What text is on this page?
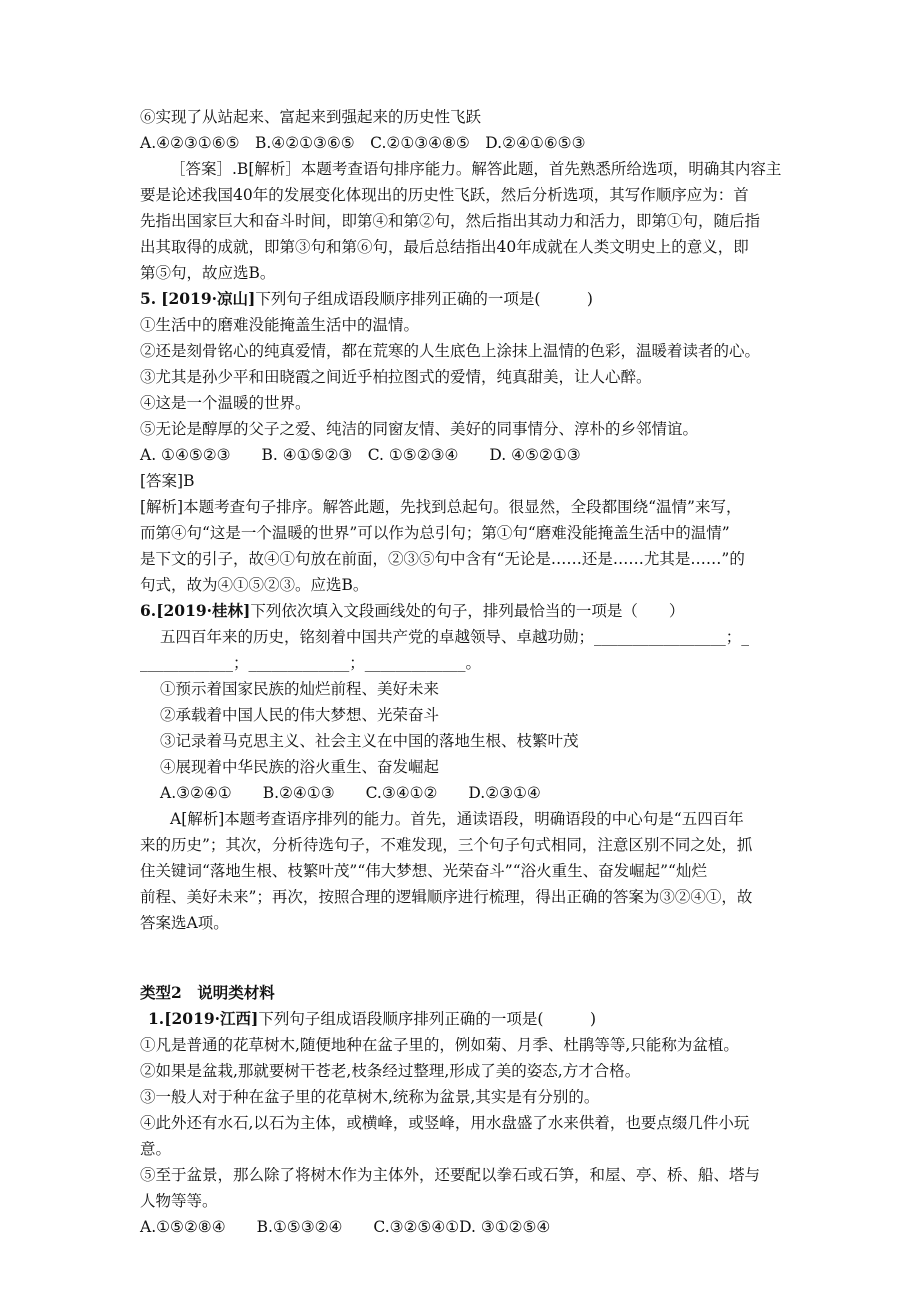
⑥实现了从站起来、富起来到强起来的历史性飞跃

A.④②③①⑥⑤　B.④②①③⑥⑤　C.②①③④⑧⑤　D.②④①⑥⑤③

［答案］.B[解析］本题考查语句排序能力。解答此题，首先熟悉所给选项，明确其内容主

要是论述我国40年的发展变化体现出的历史性飞跃，然后分析选项，其写作顺序应为：首

先指出国家巨大和奋斗时间，即第④和第②句，然后指出其动力和活力，即第①句，随后指

出其取得的成就，即第③句和第⑥句，最后总结指出40年成就在人类文明史上的意义，即

第⑤句，故应选B。

5. [2019·凉山]下列句子组成语段顺序排列正确的一项是(　　　)

①生活中的磨难没能掩盖生活中的温情。

②还是刻骨铭心的纯真爱情，都在荒寒的人生底色上涂抹上温情的色彩，温暖着读者的心。

③尤其是孙少平和田晓霞之间近乎柏拉图式的爱情，纯真甜美，让人心醉。

④这是一个温暖的世界。

⑤无论是醇厚的父子之爱、纯洁的同窗友情、美好的同事情分、淳朴的乡邻情谊。

A. ①④⑤②③　　B. ④①⑤②③　C. ①⑤②③④　　D. ④⑤②①③

[答案]B

[解析]本题考查句子排序。解答此题，先找到总起句。很显然，全段都围绕“温情”来写，

而第④句“这是一个温暖的世界”可以作为总引句；第①句“磨难没能掩盖生活中的温情”

是下文的引子，故④①句放在前面，②③⑤句中含有“无论是……还是……尤其是……”的

句式，故为④①⑤②③。应选B。

6.[2019·桂林]下列依次填入文段画线处的句子，排列最恰当的一项是（　　）

五四百年来的历史，铭刻着中国共产党的卓越领导、卓越功勋；_________________；_

____________；_____________；_____________。

①预示着国家民族的灿烂前程、美好未来

②承载着中国人民的伟大梦想、光荣奋斗

③记录着马克思主义、社会主义在中国的落地生根、枝繁叶茂

④展现着中华民族的浴火重生、奋发崛起

A.③②④①　　B.②④①③　　C.③④①②　　D.②③①④

A[解析]本题考查语序排列的能力。首先，通读语段，明确语段的中心句是“五四百年

来的历史”；其次，分析待选句子，不难发现，三个句子句式相同，注意区别不同之处，抓

住关键词“落地生根、枝繁叶茂”“伟大梦想、光荣奋斗”“浴火重生、奋发崛起”“灿烂

前程、美好未来”；再次，按照合理的逻辑顺序进行梳理，得出正确的答案为③②④①，故

答案选A项。

类型2　说明类材料

1.[2019·江西]下列句子组成语段顺序排列正确的一项是(　　　)

①凡是普通的花草树木,随便地种在盆子里的，例如菊、月季、杜鹃等等,只能称为盆植。

②如果是盆栽,那就要树干苍老,枝条经过整理,形成了美的姿态,方才合格。

③一般人对于种在盆子里的花草树木,统称为盆景,其实是有分别的。

④此外还有水石,以石为主体，或横峰，或竖峰，用水盘盛了水来供着，也要点缀几件小玩

意。

⑤至于盆景，那么除了将树木作为主体外，还要配以拳石或石笋，和屋、亭、桥、船、塔与

人物等等。

A.①⑤②⑧④　　B.①⑤③②④　　C.③②⑤④①D. ③①②⑤④
